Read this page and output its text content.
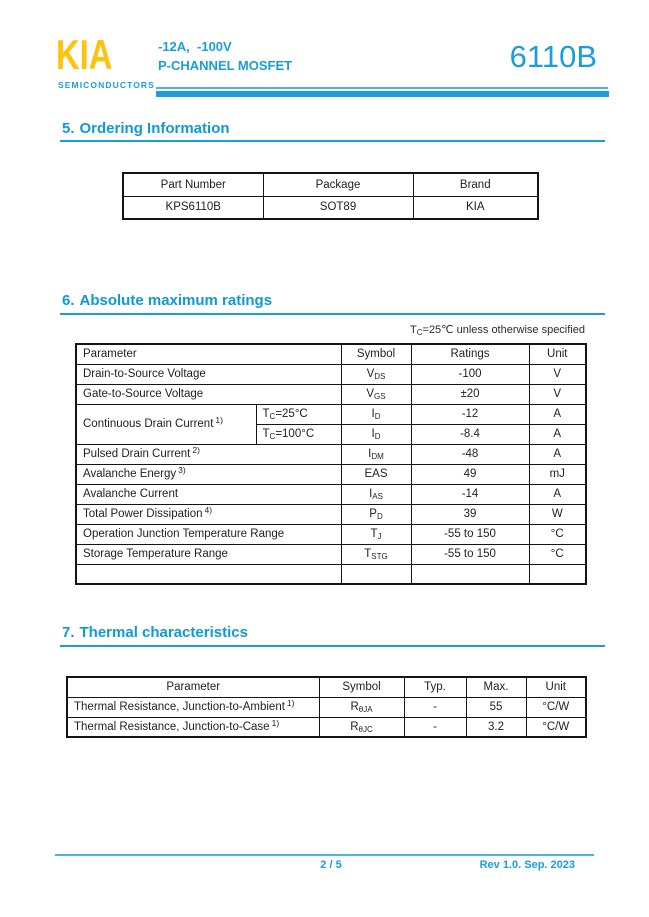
KIA
SEMICONDUCTORS
-12A,  -100V
P-CHANNEL MOSFET	6110B
5. Ordering Information
Part Number	Package	Brand
KPS6110B	SOT89	KIA
6. Absolute maximum ratings
$T_C=25℃$ unless otherwise specified
Parameter		Symbol	Ratings	Unit
Drain-to-Source Voltage		$V_{DS}$	-100	V
Gate-to-Source Voltage		$V_{GS}$	±20	V
Continuous Drain Current $^{1)}$	$T_C=25^\circ C$	$I_D$	-12	A
	$T_C=100^\circ C$	$I_D$	-8.4	A
Pulsed Drain Current $^{2)}$		$I_{DM}$	-48	A
Avalanche Energy $^{3)}$		EAS	49	mJ
Avalanche Current		$I_{AS}$	-14	A
Total Power Dissipation $^{4)}$		$P_D$	39	W
Operation Junction Temperature Range		$T_J$	-55 to 150	°C
Storage Temperature Range		$T_{STG}$	-55 to 150	°C

7. Thermal characteristics
Parameter	Symbol	Typ.	Max.	Unit
Thermal Resistance, Junction-to-Ambient $^{1)}$	$R_{\theta JA}$	-	55	°C/W
Thermal Resistance, Junction-to-Case $^{1)}$	$R_{\theta JC}$	-	3.2	°C/W
2 / 5	Rev 1.0. Sep. 2023
